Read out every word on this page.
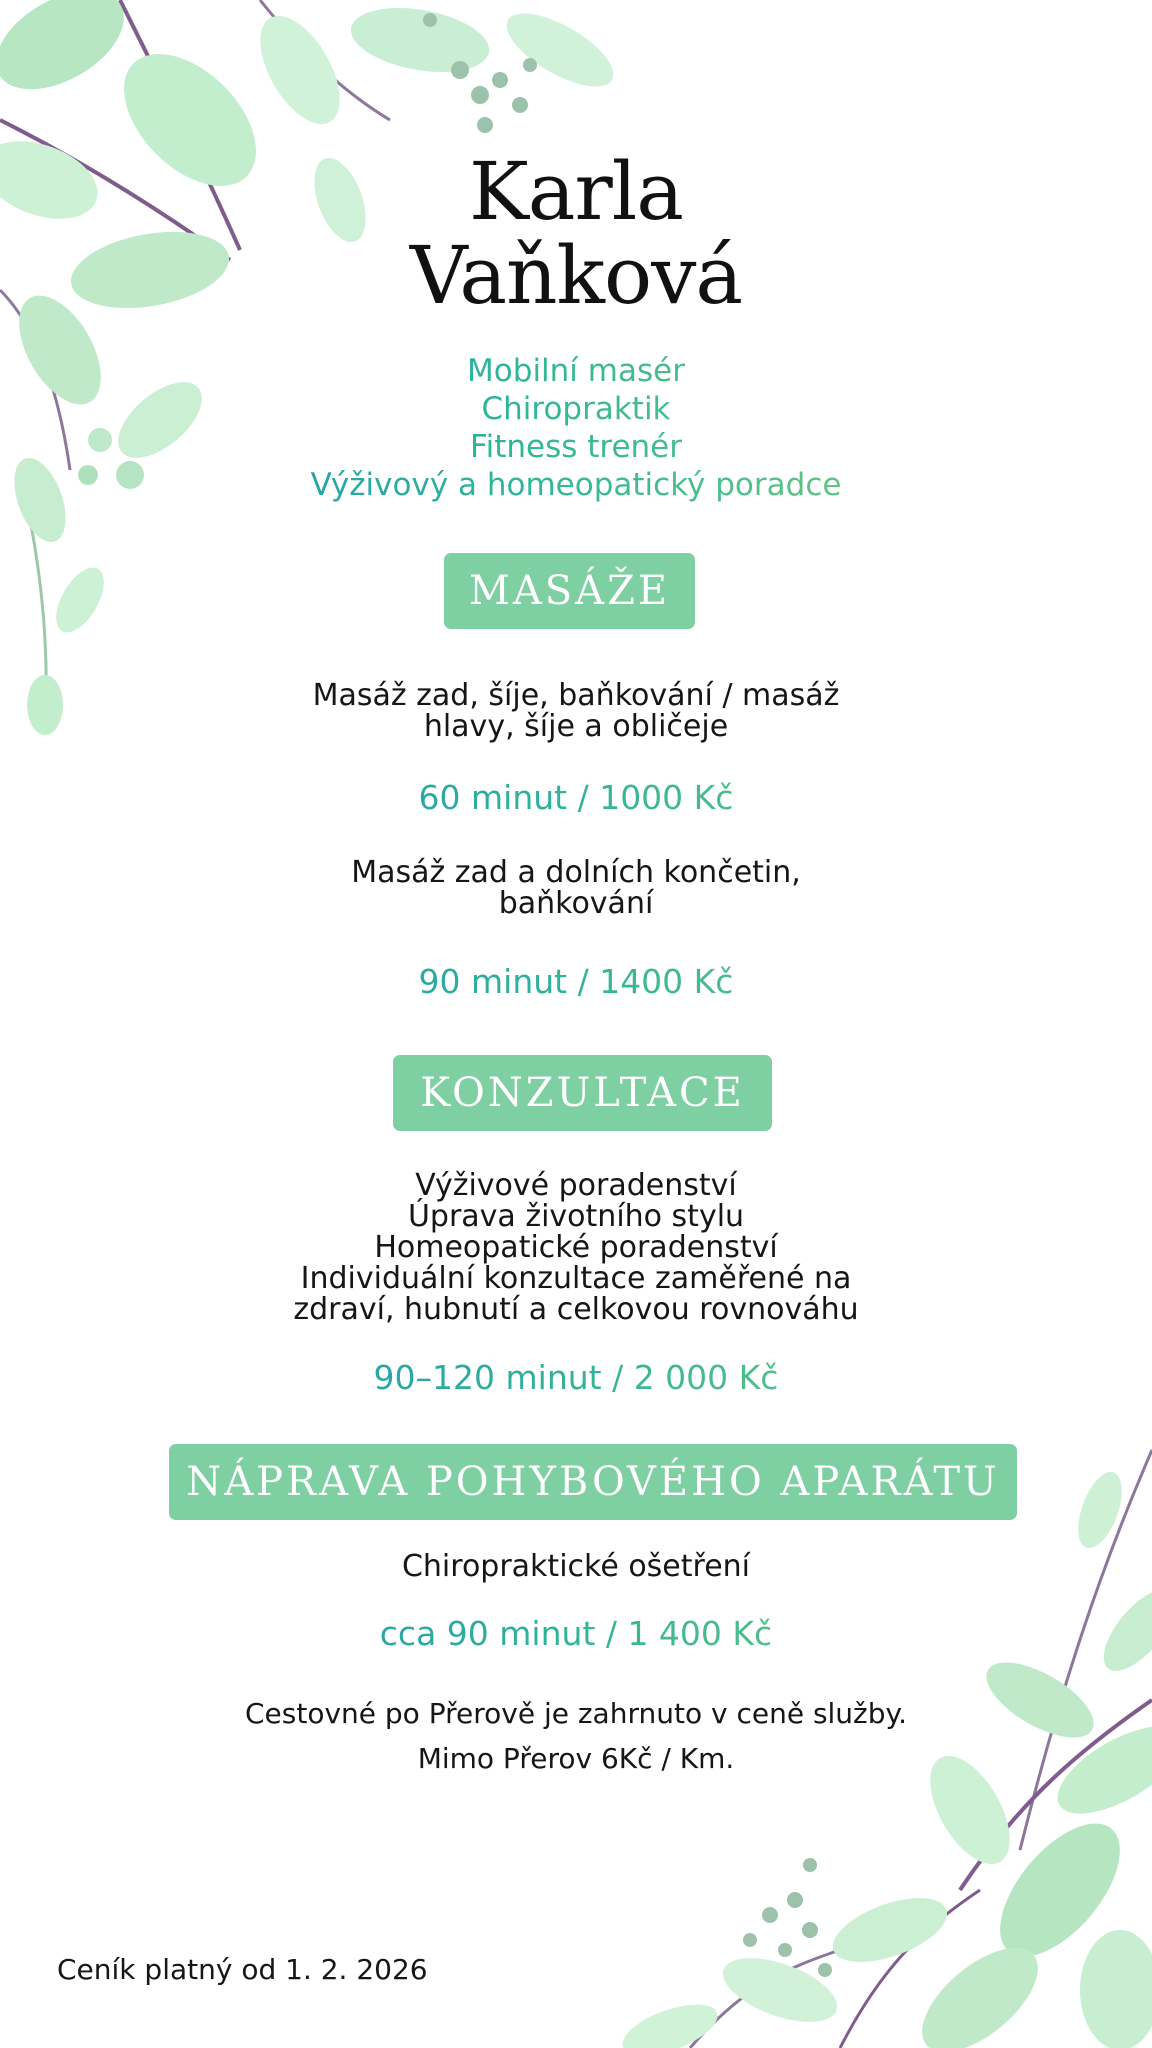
Karla
Vaňková
Mobilní masér
Chiropraktik
Fitness trenér
Výživový a homeopatický poradce
MASÁŽE
Masáž zad, šíje, baňkování / masáž
hlavy, šíje a obličeje
60 minut / 1000 Kč
Masáž zad a dolních končetin,
baňkování
90 minut / 1400 Kč
KONZULTACE
Výživové poradenství
Úprava životního stylu
Homeopatické poradenství
Individuální konzultace zaměřené na
zdraví, hubnutí a celkovou rovnováhu
90–120 minut / 2 000 Kč
NÁPRAVA POHYBOVÉHO APARÁTU
Chiropraktické ošetření
cca 90 minut / 1 400 Kč
Cestovné po Přerově je zahrnuto v ceně služby.
Mimo Přerov 6Kč / Km.
Ceník platný od 1. 2. 2026
